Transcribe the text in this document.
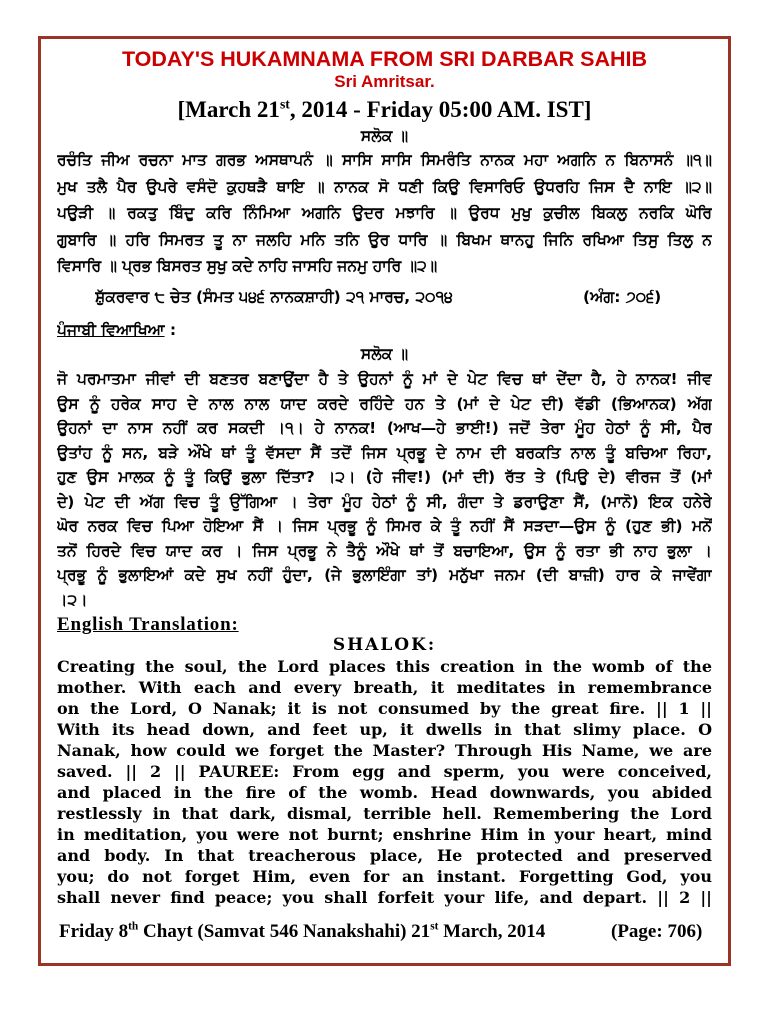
TODAY'S HUKAMNAMA FROM SRI DARBAR SAHIB
Sri Amritsar.
[March 21st, 2014 - Friday 05:00 AM. IST]
ਸਲੋਕ ॥
ਰਚੰਤਿ ਜੀਅ ਰਚਨਾ ਮਾਤ ਗਰਭ ਅਸਥਾਪਨੰ ॥ ਸਾਸਿ ਸਾਸਿ ਸਿਮਰੰਤਿ ਨਾਨਕ ਮਹਾ ਅਗਨਿ ਨ ਬਿਨਾਸਨੰ ॥੧॥
ਮੁਖ ਤਲੈ ਪੈਰ ਉਪਰੇ ਵਸੰਦੋ ਕੁਹਥੜੈ ਥਾਇ ॥ ਨਾਨਕ ਸੋ ਧਣੀ ਕਿਉ ਵਿਸਾਰਿਓ ਉਧਰਹਿ ਜਿਸ ਦੈ ਨਾਇ ॥੨॥
ਪਉੜੀ ॥ ਰਕਤੁ ਬਿੰਦੁ ਕਰਿ ਨਿੰਮਿਆ ਅਗਨਿ ਉਦਰ ਮਝਾਰਿ ॥ ਉਰਧ ਮੁਖੁ ਕੁਚੀਲ ਬਿਕਲੁ ਨਰਕਿ ਘੋਰਿ
ਗੁਬਾਰਿ ॥ ਹਰਿ ਸਿਮਰਤ ਤੂ ਨਾ ਜਲਹਿ ਮਨਿ ਤਨਿ ਉਰ ਧਾਰਿ ॥ ਬਿਖਮ ਥਾਨਹੁ ਜਿਨਿ ਰਖਿਆ ਤਿਸੁ ਤਿਲੁ ਨ
ਵਿਸਾਰਿ ॥ ਪ੍ਰਭ ਬਿਸਰਤ ਸੁਖੁ ਕਦੇ ਨਾਹਿ ਜਾਸਹਿ ਜਨਮੁ ਹਾਰਿ ॥੨॥
ਸ਼ੁੱਕਰਵਾਰ ੮ ਚੇਤ (ਸੰਮਤ ੫੪੬ ਨਾਨਕਸ਼ਾਹੀ) ੨੧ ਮਾਰਚ, ੨੦੧੪	(ਅੰਗ: ੭੦੬)
ਪੰਜਾਬੀ ਵਿਆਖਿਆ :
ਸਲੋਕ ॥
ਜੋ ਪਰਮਾਤਮਾ ਜੀਵਾਂ ਦੀ ਬਣਤਰ ਬਣਾਉਂਦਾ ਹੈ ਤੇ ਉਹਨਾਂ ਨੂੰ ਮਾਂ ਦੇ ਪੇਟ ਵਿਚ ਥਾਂ ਦੇਂਦਾ ਹੈ, ਹੇ ਨਾਨਕ! ਜੀਵ
ਉਸ ਨੂੰ ਹਰੇਕ ਸਾਹ ਦੇ ਨਾਲ ਨਾਲ ਯਾਦ ਕਰਦੇ ਰਹਿੰਦੇ ਹਨ ਤੇ (ਮਾਂ ਦੇ ਪੇਟ ਦੀ) ਵੱਡੀ (ਭਿਆਨਕ) ਅੱਗ
ਉਹਨਾਂ ਦਾ ਨਾਸ ਨਹੀਂ ਕਰ ਸਕਦੀ ।੧। ਹੇ ਨਾਨਕ! (ਆਖ—ਹੇ ਭਾਈ!) ਜਦੋਂ ਤੇਰਾ ਮੂੰਹ ਹੇਠਾਂ ਨੂੰ ਸੀ, ਪੈਰ
ਉਤਾਂਹ ਨੂੰ ਸਨ, ਬੜੇ ਔਖੇ ਥਾਂ ਤੂੰ ਵੱਸਦਾ ਸੈਂ ਤਦੋਂ ਜਿਸ ਪ੍ਰਭੂ ਦੇ ਨਾਮ ਦੀ ਬਰਕਤਿ ਨਾਲ ਤੂੰ ਬਚਿਆ ਰਿਹਾ,
ਹੁਣ ਉਸ ਮਾਲਕ ਨੂੰ ਤੂੰ ਕਿਉਂ ਭੁਲਾ ਦਿੱਤਾ? ।੨। (ਹੇ ਜੀਵ!) (ਮਾਂ ਦੀ) ਰੱਤ ਤੇ (ਪਿਉ ਦੇ) ਵੀਰਜ ਤੋਂ (ਮਾਂ
ਦੇ) ਪੇਟ ਦੀ ਅੱਗ ਵਿਚ ਤੂੰ ਉੱਗਿਆ । ਤੇਰਾ ਮੂੰਹ ਹੇਠਾਂ ਨੂੰ ਸੀ, ਗੰਦਾ ਤੇ ਡਰਾਉਣਾ ਸੈਂ, (ਮਾਨੋ) ਇਕ ਹਨੇਰੇ
ਘੋਰ ਨਰਕ ਵਿਚ ਪਿਆ ਹੋਇਆ ਸੈਂ । ਜਿਸ ਪ੍ਰਭੂ ਨੂੰ ਸਿਮਰ ਕੇ ਤੂੰ ਨਹੀਂ ਸੈਂ ਸੜਦਾ—ਉਸ ਨੂੰ (ਹੁਣ ਭੀ) ਮਨੋਂ
ਤਨੋਂ ਹਿਰਦੇ ਵਿਚ ਯਾਦ ਕਰ । ਜਿਸ ਪ੍ਰਭੂ ਨੇ ਤੈਨੂੰ ਔਖੇ ਥਾਂ ਤੋਂ ਬਚਾਇਆ, ਉਸ ਨੂੰ ਰਤਾ ਭੀ ਨਾਹ ਭੁਲਾ ।
ਪ੍ਰਭੂ ਨੂੰ ਭੁਲਾਇਆਂ ਕਦੇ ਸੁਖ ਨਹੀਂ ਹੁੰਦਾ, (ਜੇ ਭੁਲਾਇੰਗਾ ਤਾਂ) ਮਨੁੱਖਾ ਜਨਮ (ਦੀ ਬਾਜ਼ੀ) ਹਾਰ ਕੇ ਜਾਵੇਂਗਾ
।੨।
English Translation:
SHALOK:
Creating the soul, the Lord places this creation in the womb of the
mother. With each and every breath, it meditates in remembrance
on the Lord, O Nanak; it is not consumed by the great fire. || 1 ||
With its head down, and feet up, it dwells in that slimy place. O
Nanak, how could we forget the Master? Through His Name, we are
saved. || 2 || PAUREE: From egg and sperm, you were conceived,
and placed in the fire of the womb. Head downwards, you abided
restlessly in that dark, dismal, terrible hell. Remembering the Lord
in meditation, you were not burnt; enshrine Him in your heart, mind
and body. In that treacherous place, He protected and preserved
you; do not forget Him, even for an instant. Forgetting God, you
shall never find peace; you shall forfeit your life, and depart. || 2 ||
Friday 8th Chayt (Samvat 546 Nanakshahi) 21st March, 2014	(Page: 706)
